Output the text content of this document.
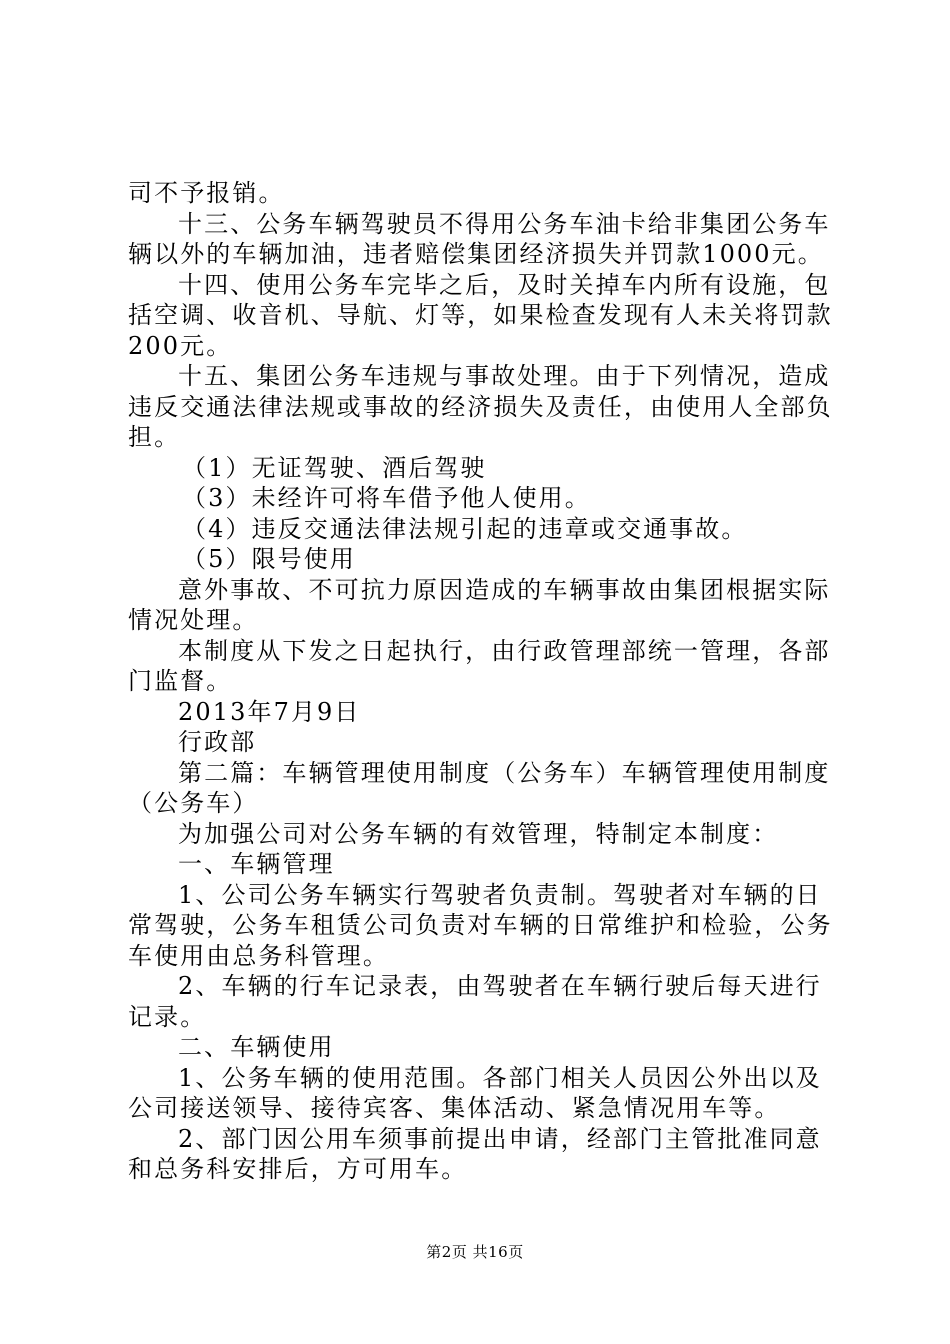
司不予报销。

十三、公务车辆驾驶员不得用公务车油卡给非集团公务车辆以外的车辆加油，违者赔偿集团经济损失并罚款1000元。

十四、使用公务车完毕之后，及时关掉车内所有设施，包括空调、收音机、导航、灯等，如果检查发现有人未关将罚款200元。

十五、集团公务车违规与事故处理。由于下列情况，造成违反交通法律法规或事故的经济损失及责任，由使用人全部负担。

（1）无证驾驶、酒后驾驶

（3）未经许可将车借予他人使用。

（4）违反交通法律法规引起的违章或交通事故。

（5）限号使用

意外事故、不可抗力原因造成的车辆事故由集团根据实际情况处理。

本制度从下发之日起执行，由行政管理部统一管理，各部门监督。

2013年7月9日

行政部

第二篇：车辆管理使用制度（公务车）车辆管理使用制度（公务车）

为加强公司对公务车辆的有效管理，特制定本制度：

一、车辆管理

1、公司公务车辆实行驾驶者负责制。驾驶者对车辆的日常驾驶，公务车租赁公司负责对车辆的日常维护和检验，公务车使用由总务科管理。

2、车辆的行车记录表，由驾驶者在车辆行驶后每天进行记录。

二、车辆使用

1、公务车辆的使用范围。各部门相关人员因公外出以及公司接送领导、接待宾客、集体活动、紧急情况用车等。

2、部门因公用车须事前提出申请，经部门主管批准同意和总务科安排后，方可用车。

第2页 共16页
